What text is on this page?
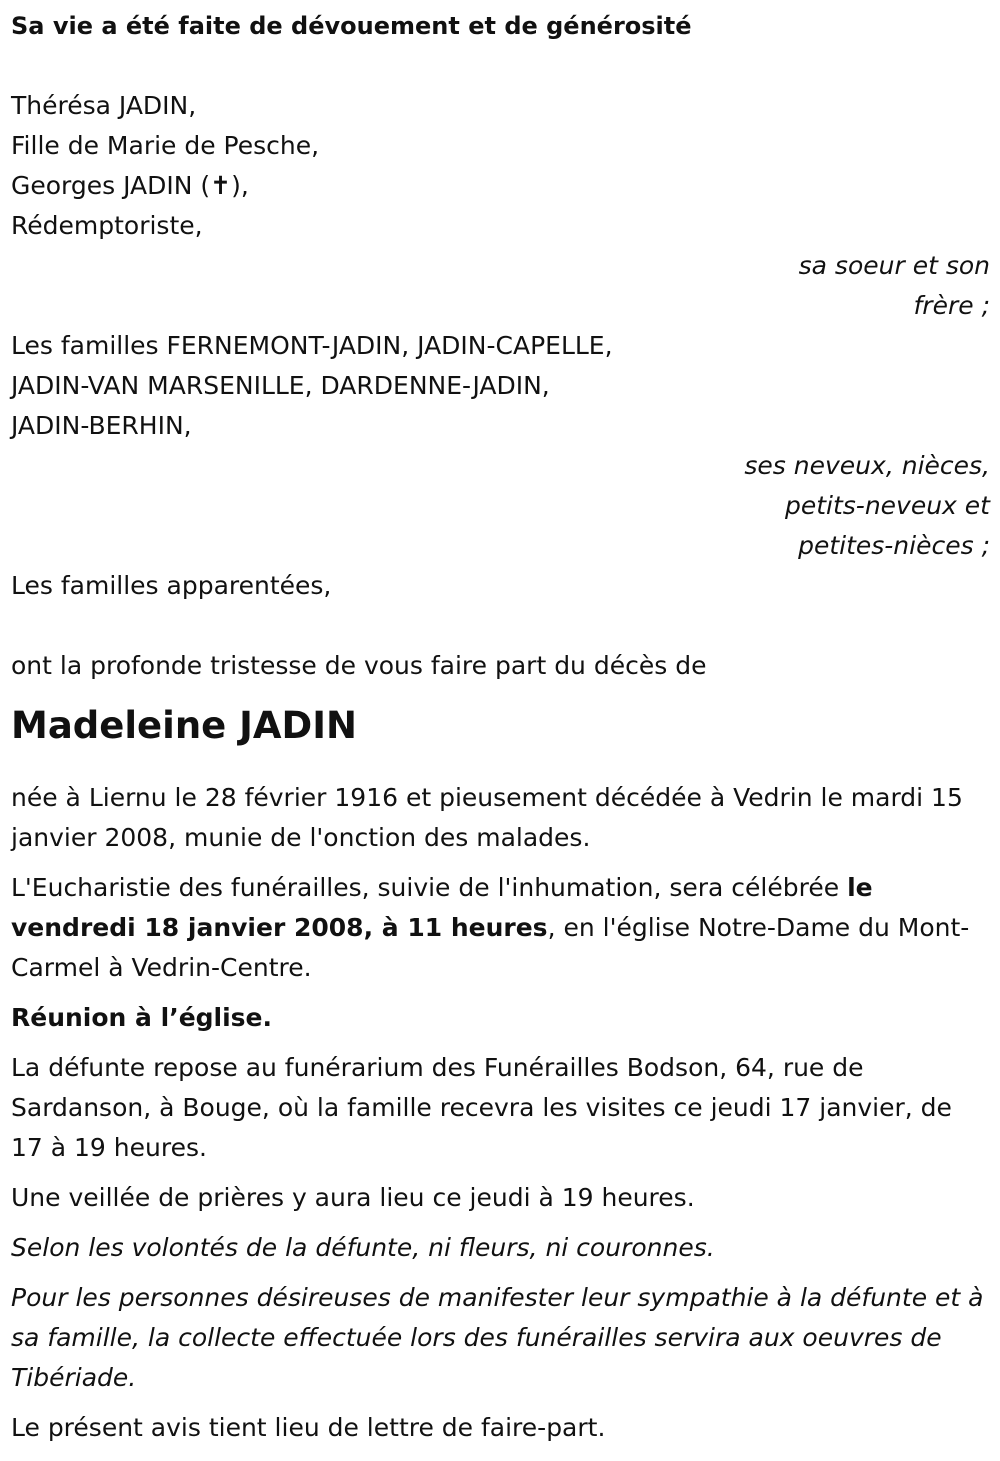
Sa vie a été faite de dévouement et de générosité
Thérésa JADIN,
Fille de Marie de Pesche,
Georges JADIN (✝),
Rédemptoriste,
sa soeur et son
frère ;
Les familles FERNEMONT-JADIN, JADIN-CAPELLE,
JADIN-VAN MARSENILLE, DARDENNE-JADIN,
JADIN-BERHIN,
ses neveux, nièces,
petits-neveux et
petites-nièces ;
Les familles apparentées,
ont la profonde tristesse de vous faire part du décès de
Madeleine JADIN

née à Liernu le 28 février 1916 et pieusement décédée à Vedrin le mardi 15 janvier 2008, munie de l'onction des malades.

L'Eucharistie des funérailles, suivie de l'inhumation, sera célébrée le vendredi 18 janvier 2008, à 11 heures, en l'église Notre-Dame du Mont-Carmel à Vedrin-Centre.

Réunion à l’église.

La défunte repose au funérarium des Funérailles Bodson, 64, rue de Sardanson, à Bouge, où la famille recevra les visites ce jeudi 17 janvier, de 17 à 19 heures.

Une veillée de prières y aura lieu ce jeudi à 19 heures.

Selon les volontés de la défunte, ni fleurs, ni couronnes.

Pour les personnes désireuses de manifester leur sympathie à la défunte et à sa famille, la collecte effectuée lors des funérailles servira aux oeuvres de Tibériade.

Le présent avis tient lieu de lettre de faire-part.
